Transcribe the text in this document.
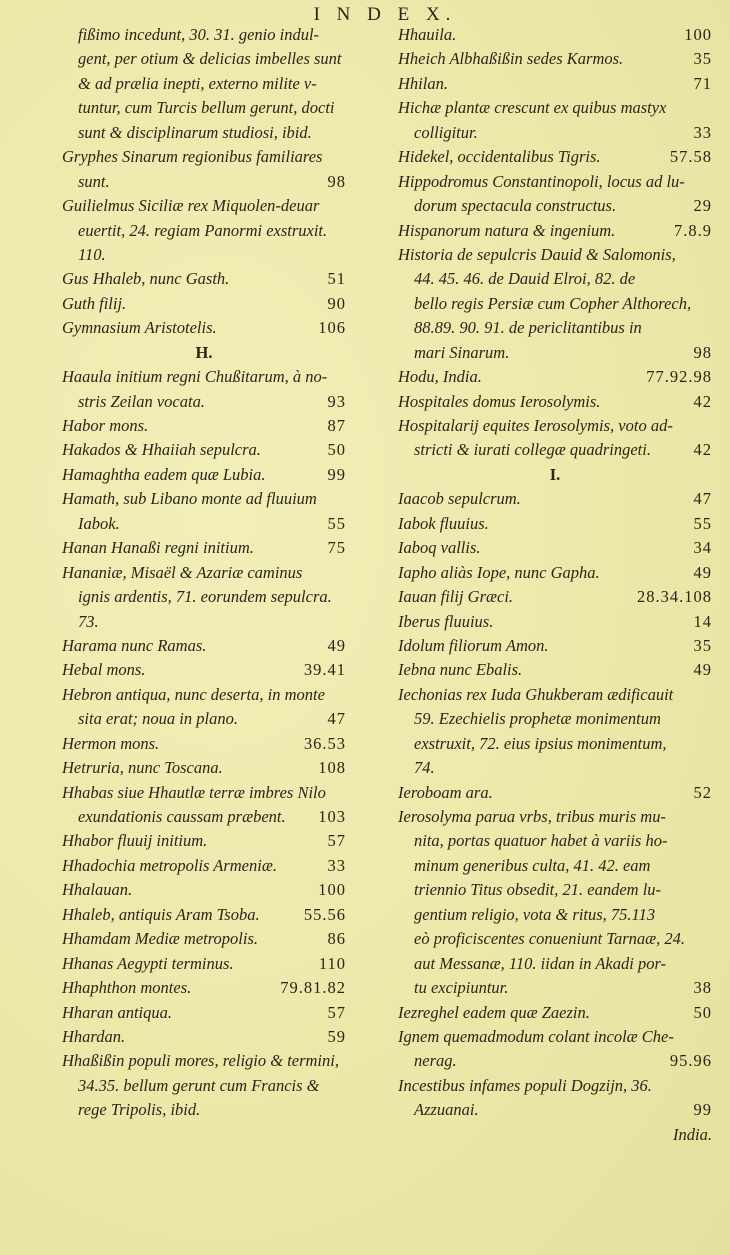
I N D E X.
fißimo incedunt, 30. 31. genio indul-
gent, per otium & delicias imbelles sunt
& ad prælia inepti, externo milite v-
tuntur, cum Turcis bellum gerunt, docti
sunt & disciplinarum studiosi, ibid.
Gryphes Sinarum regionibus familiares
sunt.	98
Guilielmus Siciliæ rex Miquolen-deuar
euertit, 24. regiam Panormi exstruxit.
110.
Gus Hhaleb, nunc Gasth.	51
Guth filij.	90
Gymnasium Aristotelis.	106
H.
Haaula initium regni Chußitarum, à no-
stris Zeilan vocata.	93
Habor mons.	87
Hakados & Hhaiiah sepulcra.	50
Hamaghtha eadem quæ Lubia.	99
Hamath, sub Libano monte ad fluuium
Iabok.	55
Hanan Hanaßi regni initium.	75
Hananiæ, Misaël & Azariæ caminus
ignis ardentis, 71. eorundem sepulcra.
73.
Harama nunc Ramas.	49
Hebal mons.	39.41
Hebron antiqua, nunc deserta, in monte
sita erat; noua in plano.	47
Hermon mons.	36.53
Hetruria, nunc Toscana.	108
Hhabas siue Hhautlæ terræ imbres Nilo
exundationis caussam præbent. 103
Hhabor fluuij initium.	57
Hhadochia metropolis Armeniæ.	33
Hhalauan.	100
Hhaleb, antiquis Aram Tsoba.	55.56
Hhamdam Mediæ metropolis.	86
Hhanas Aegypti terminus.	110
Hhaphthon montes.	79.81.82
Hharan antiqua.	57
Hhardan.	59
Hhaßißin populi mores, religio & termini,
34.35. bellum gerunt cum Francis &
rege Tripolis, ibid.
Hhauila.	100
Hheich Albhaßißin sedes Karmos.	35
Hhilan.	71
Hichæ plantæ crescunt ex quibus mastyx
colligitur.	33
Hidekel, occidentalibus Tigris.	57.58
Hippodromus Constantinopoli, locus ad lu-
dorum spectacula constructus.	29
Hispanorum natura & ingenium.	7.8.9
Historia de sepulcris Dauid & Salomonis,
44. 45. 46. de Dauid Elroi, 82. de
bello regis Persiæ cum Copher Althorech,
88.89. 90. 91. de periclitantibus in
mari Sinarum.	98
Hodu, India.	77.92.98
Hospitales domus Ierosolymis.	42
Hospitalarij equites Ierosolymis, voto ad-
stricti & iurati collegæ quadringeti.	42
I.
Iaacob sepulcrum.	47
Iabok fluuius.	55
Iaboq vallis.	34
Iapho aliàs Iope, nunc Gapha.	49
Iauan filij Græci.	28.34.108
Iberus fluuius.	14
Idolum filiorum Amon.	35
Iebna nunc Ebalis.	49
Iechonias rex Iuda Ghukberam ædificauit
59. Ezechielis prophetæ monimentum
exstruxit, 72. eius ipsius monimentum,
74.
Ieroboam ara.	52
Ierosolyma parua vrbs, tribus muris mu-
nita, portas quatuor habet à variis ho-
minum generibus culta, 41. 42. eam
triennio Titus obsedit, 21. eandem lu-
gentium religio, vota & ritus, 75.113
eò proficiscentes conueniunt Tarnaæ, 24.
aut Messanæ, 110. iidan in Akadi por-
tu excipiuntur.	38
Iezreghel eadem quæ Zaezin.	50
Ignem quemadmodum colant incolæ Che-
nerag.	95.96
Incestibus infames populi Dogzijn, 36.
Azzuanai.	99
India.
